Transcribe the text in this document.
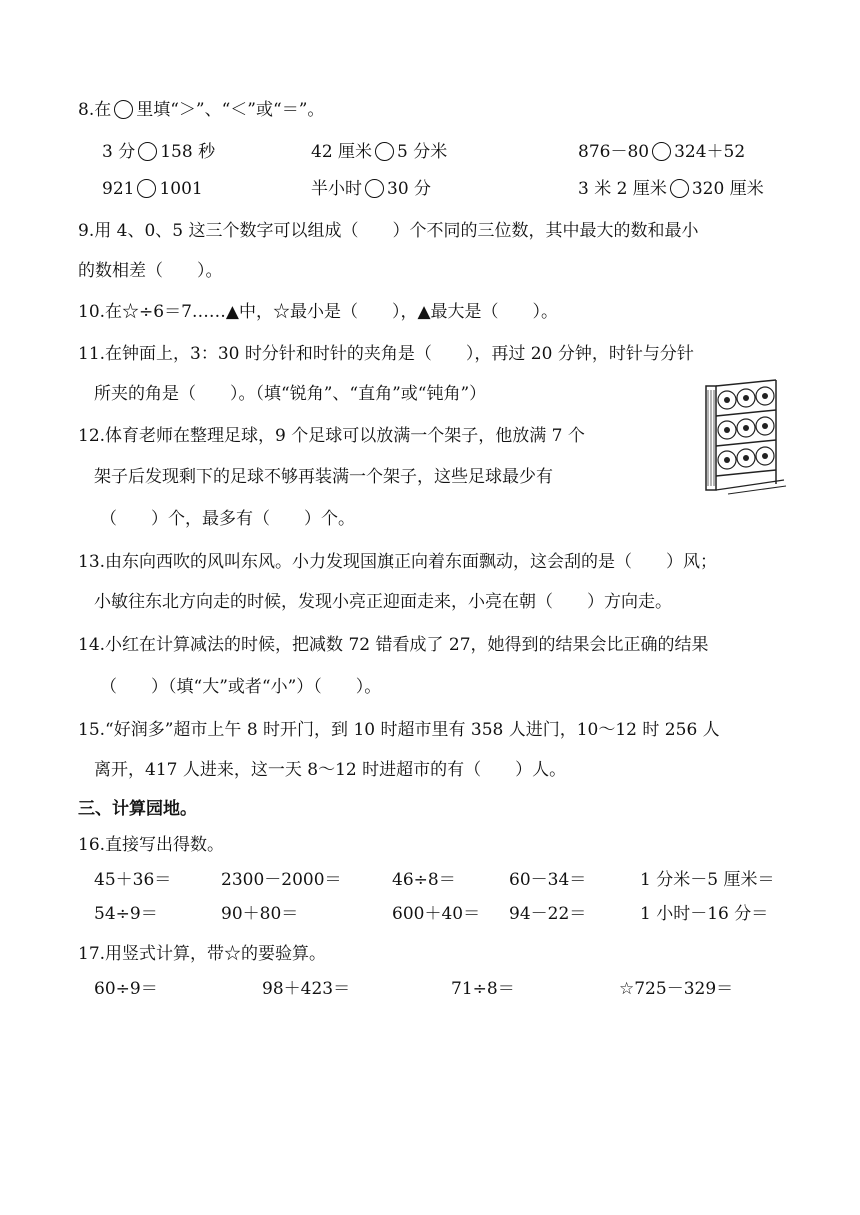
8.在 里填“＞”、“＜”或“＝”。
3 分 158 秒	42 厘米 5 分米	876－80 324＋52
921 1001	半小时 30 分	3 米 2 厘米 320 厘米
9.用 4、0、5 这三个数字可以组成（　　）个不同的三位数，其中最大的数和最小
的数相差（　　）。
10.在☆÷6＝7……▲中，☆最小是（　　），▲最大是（　　）。
11.在钟面上，3：30 时分针和时针的夹角是（　　），再过 20 分钟，时针与分针
所夹的角是（　　）。（填“锐角”、“直角”或“钝角”）
12.体育老师在整理足球，9 个足球可以放满一个架子，他放满 7 个
架子后发现剩下的足球不够再装满一个架子，这些足球最少有
（　　）个，最多有（　　）个。
13.由东向西吹的风叫东风。小力发现国旗正向着东面飘动，这会刮的是（　　）风；
小敏往东北方向走的时候，发现小亮正迎面走来，小亮在朝（　　）方向走。
14.小红在计算减法的时候，把减数 72 错看成了 27，她得到的结果会比正确的结果
（　　）（填“大”或者“小”）（　　）。
15.“好润多”超市上午 8 时开门，到 10 时超市里有 358 人进门，10～12 时 256 人
离开，417 人进来，这一天 8～12 时进超市的有（　　）人。
三、计算园地。
16.直接写出得数。
45＋36＝	2300－2000＝	46÷8＝	60－34＝	1 分米－5 厘米＝
54÷9＝	90＋80＝	600＋40＝ 94－22＝	1 小时－16 分＝
17.用竖式计算，带☆的要验算。
60÷9＝	98＋423＝	71÷8＝	☆725－329＝
